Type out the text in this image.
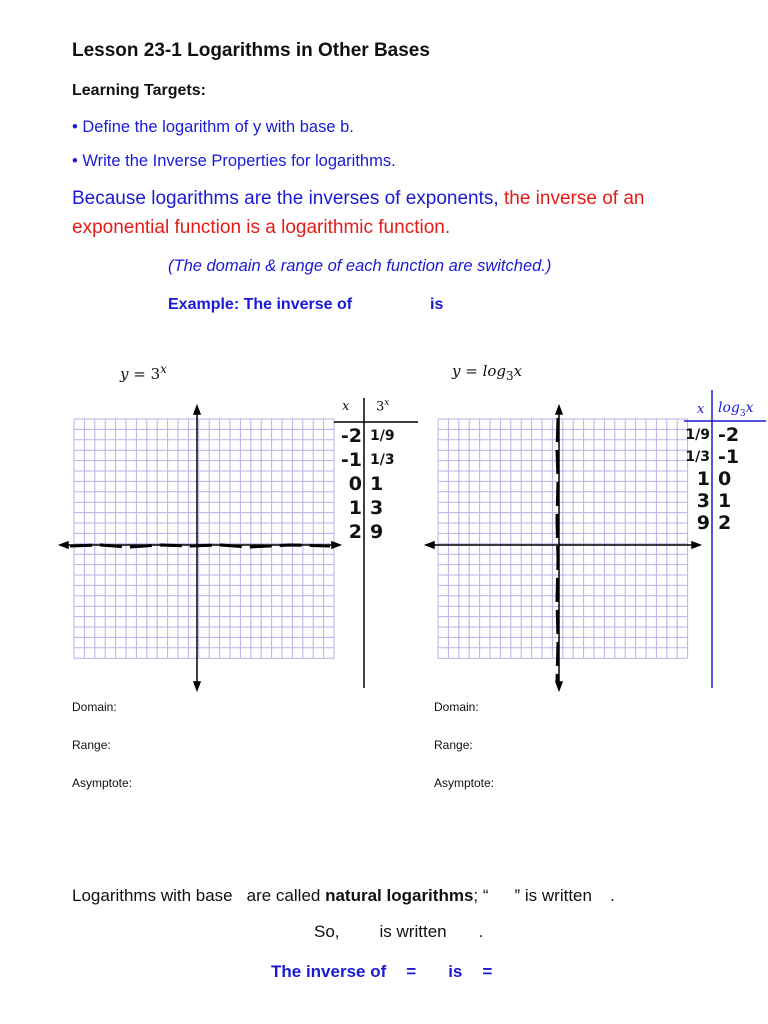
Lesson 23-1 Logarithms in Other Bases
Learning Targets:
• Define the logarithm of y with base b.
• Write the Inverse Properties for logarithms.
Because logarithms are the inverses of exponents, the inverse of an
exponential function is a logarithmic function.
(The domain & range of each function are switched.)
Example: The inverse of	is
$y = 3^x$	$y = \log_3x$
x 3$^x$
-2
-1
0
1
2
1/9
1/3
1
3
9
x $\log_3x$
1/9
1/3
1
3
9
-2
-1
0
1
2
Domain:
Range:
Asymptote:
Domain:
Range:
Asymptote:
Logarithms with base are called natural logarithms; “ ” is written .
So, is written .
The inverse of = is =
